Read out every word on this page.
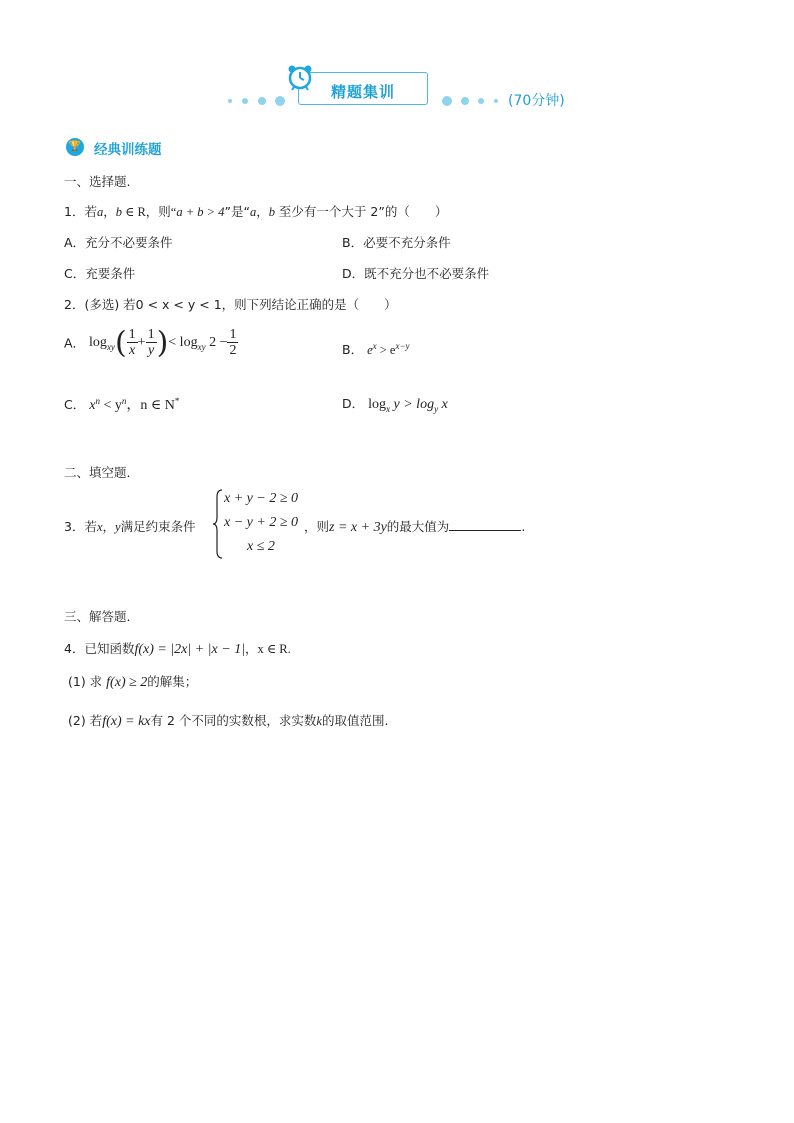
精题集训	(70分钟)
🏆 经典训练题
一、选择题.
1．若a，b ∈ R，则“a + b > 4”是“a，b 至少有一个大于 2”的（　　）
A．充分不必要条件	B．必要不充分条件
C．充要条件	D．既不充分也不必要条件
2．(多选) 若0 < x < y < 1，则下列结论正确的是（　　）
A． $\log_{xy}( \frac{1}{x} + \frac{1}{y}$ )< $\log_{xy} 2 - \frac{1}{2}$	B． $e^x > e^{x-y}$
C． $x^n < y^n$，n ∈ N*	D． $\log_x y > \log_y x$
二、填空题.
3．若x，y满足约束条件
x + y − 2 ≥ 0
x − y + 2 ≥ 0
x ≤ 2
，则z = x + 3y的最大值为	.
三、解答题.
4．已知函数f(x) = |2x| + |x − 1|，x ∈ R.
(1) 求 f(x) ≥ 2的解集；
(2) 若f(x) = kx有 2 个不同的实数根，求实数k的取值范围.
